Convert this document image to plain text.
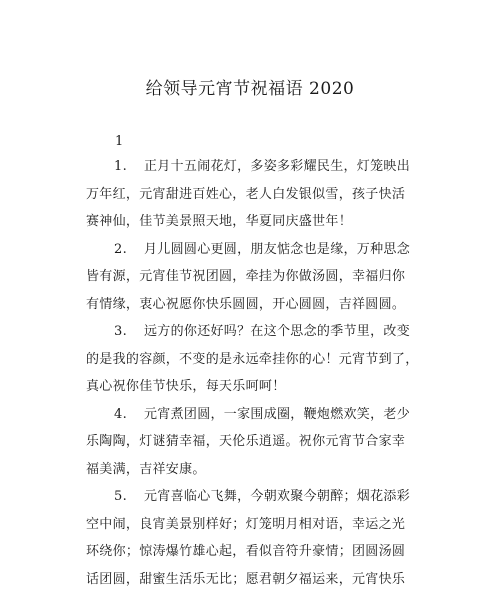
给领导元宵节祝福语 2020
1
1. 正月十五闹花灯，多姿多彩耀民生，灯笼映出
万年红，元宵甜进百姓心，老人白发银似雪，孩子快活
赛神仙，佳节美景照天地，华夏同庆盛世年！
2. 月儿圆圆心更圆，朋友惦念也是缘，万种思念
皆有源，元宵佳节祝团圆，牵挂为你做汤圆，幸福归你
有情缘，衷心祝愿你快乐圆圆，开心圆圆，吉祥圆圆。
3. 远方的你还好吗？在这个思念的季节里，改变
的是我的容颜，不变的是永远牵挂你的心！元宵节到了，
真心祝你佳节快乐，每天乐呵呵！
4. 元宵煮团圆，一家围成圈，鞭炮燃欢笑，老少
乐陶陶，灯谜猜幸福，天伦乐逍遥。祝你元宵节合家幸
福美满，吉祥安康。
5. 元宵喜临心飞舞，今朝欢聚今朝醉；烟花添彩
空中闹，良宵美景别样好；灯笼明月相对语，幸运之光
环绕你；惊涛爆竹雄心起，看似音符升豪情；团圆汤圆
话团圆，甜蜜生活乐无比；愿君朝夕福运来，元宵快乐
